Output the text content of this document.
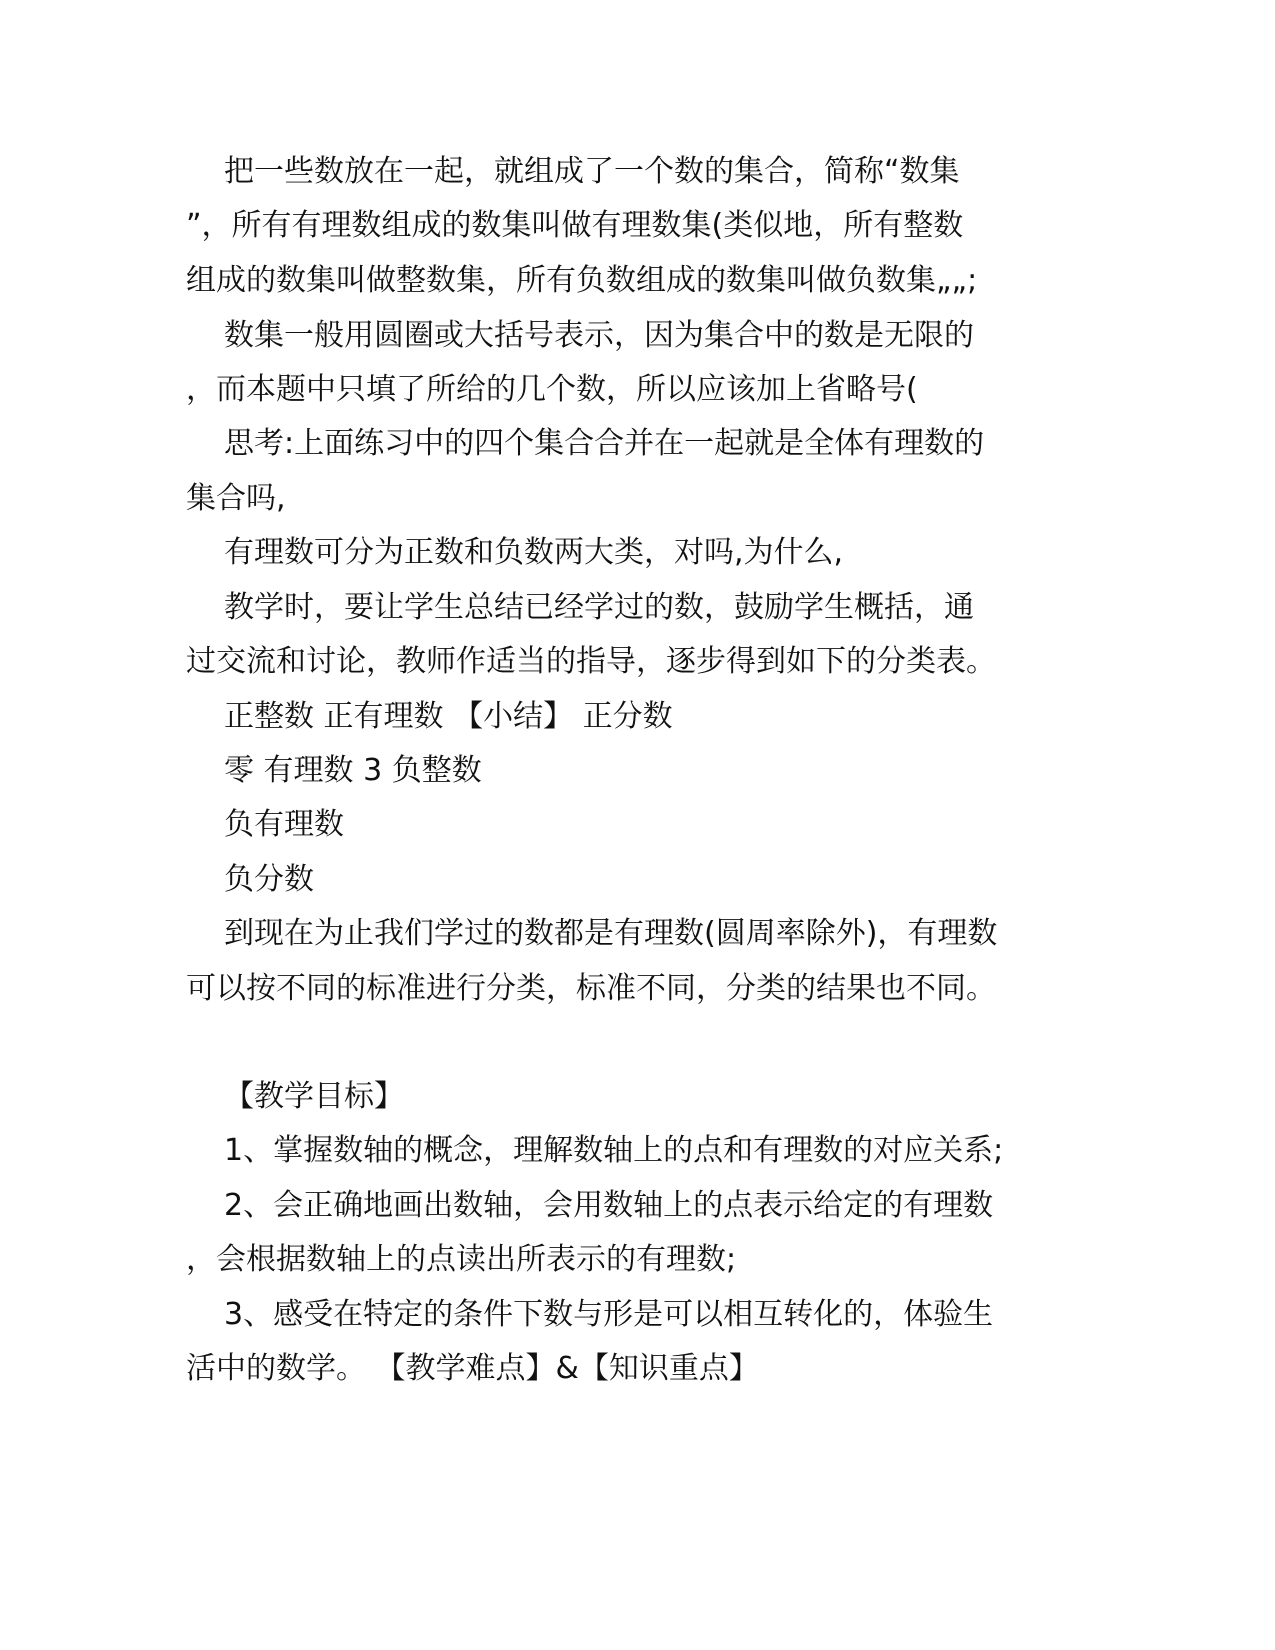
把一些数放在一起，就组成了一个数的集合，简称“数集
”，所有有理数组成的数集叫做有理数集(类似地，所有整数
组成的数集叫做整数集，所有负数组成的数集叫做负数集„„;
数集一般用圆圈或大括号表示，因为集合中的数是无限的
，而本题中只填了所给的几个数，所以应该加上省略号(
思考:上面练习中的四个集合合并在一起就是全体有理数的
集合吗,
有理数可分为正数和负数两大类，对吗,为什么,
教学时，要让学生总结已经学过的数，鼓励学生概括，通
过交流和讨论，教师作适当的指导，逐步得到如下的分类表。
正整数 正有理数 【小结】 正分数
零 有理数 3 负整数
负有理数
负分数
到现在为止我们学过的数都是有理数(圆周率除外)，有理数
可以按不同的标准进行分类，标准不同，分类的结果也不同。
【教学目标】
1、掌握数轴的概念，理解数轴上的点和有理数的对应关系;
2、会正确地画出数轴，会用数轴上的点表示给定的有理数
，会根据数轴上的点读出所表示的有理数;
3、感受在特定的条件下数与形是可以相互转化的，体验生
活中的数学。 【教学难点】&【知识重点】
